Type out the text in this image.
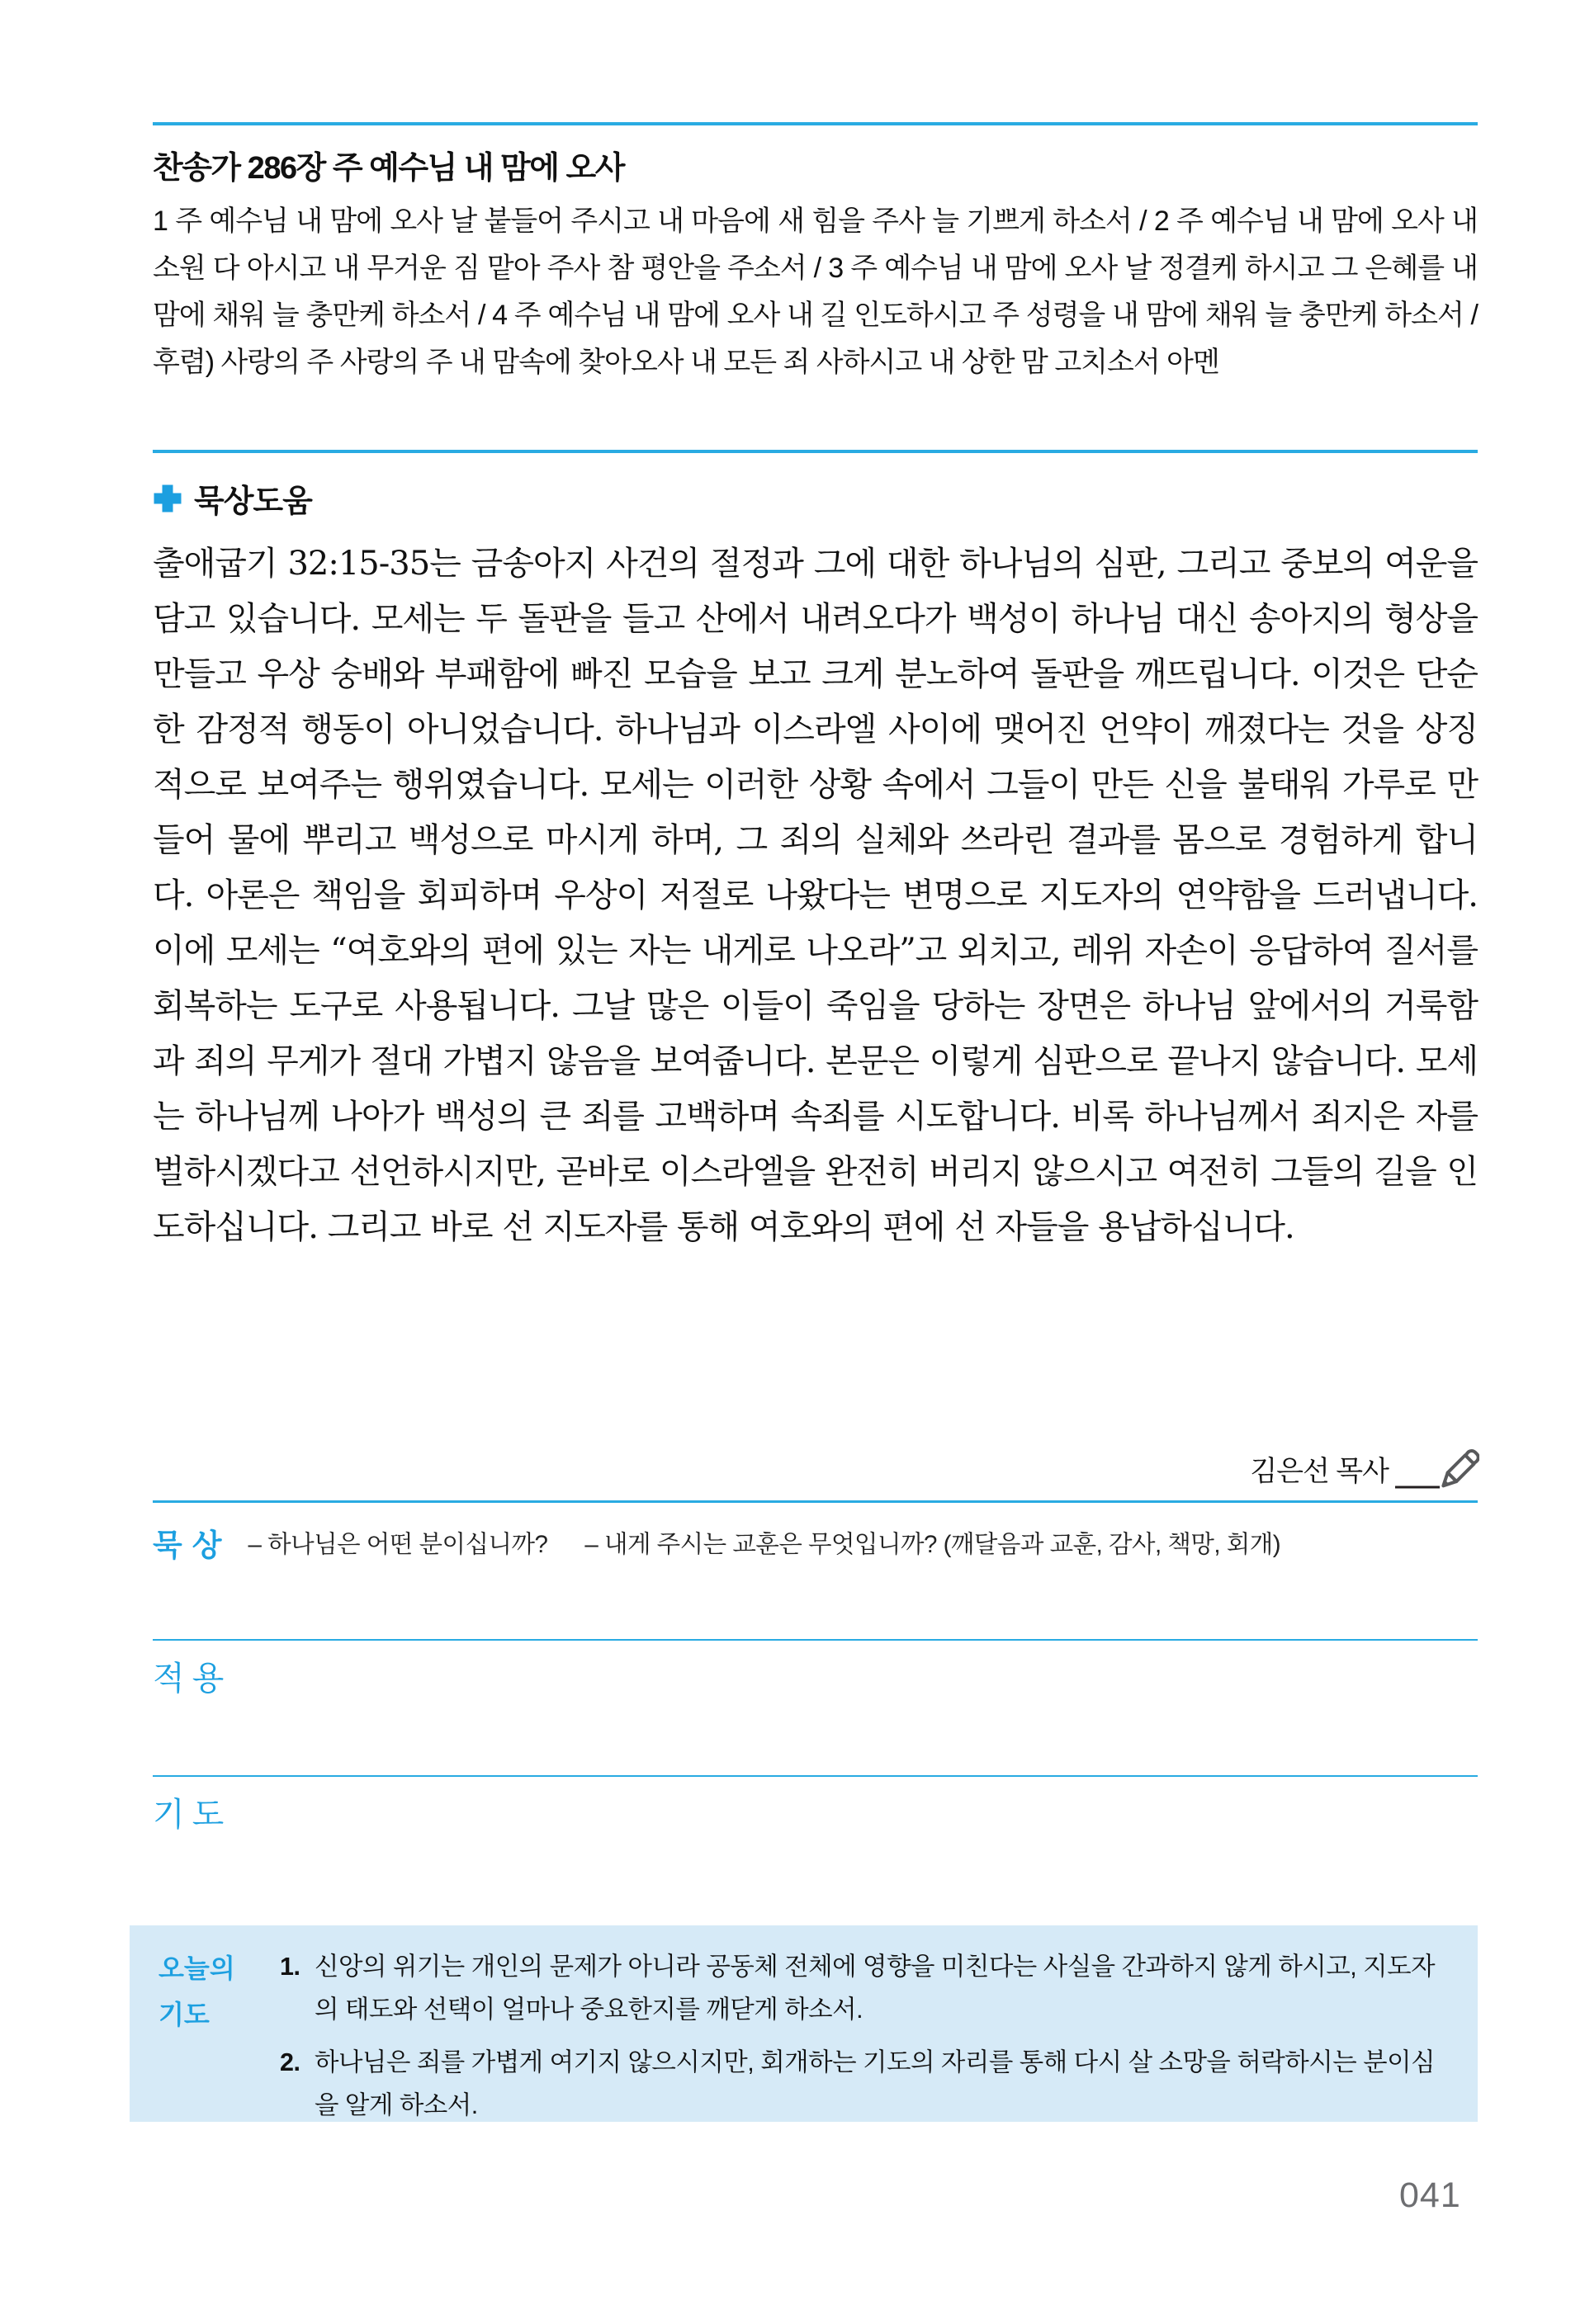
찬송가 286장 주 예수님 내 맘에 오사
1 주 예수님 내 맘에 오사 날 붙들어 주시고 내 마음에 새 힘을 주사 늘 기쁘게 하소서 / 2 주 예수님 내 맘에 오사 내 소원 다 아시고 내 무거운 짐 맡아 주사 참 평안을 주소서 / 3 주 예수님 내 맘에 오사 날 정결케 하시고 그 은혜를 내 맘에 채워 늘 충만케 하소서 / 4 주 예수님 내 맘에 오사 내 길 인도하시고 주 성령을 내 맘에 채워 늘 충만케 하소서 / 후렴) 사랑의 주 사랑의 주 내 맘속에 찾아오사 내 모든 죄 사하시고 내 상한 맘 고치소서 아멘
묵상도움
출애굽기 32:15-35는 금송아지 사건의 절정과 그에 대한 하나님의 심판, 그리고 중보의 여운을 담고 있습니다. 모세는 두 돌판을 들고 산에서 내려오다가 백성이 하나님 대신 송아지의 형상을 만들고 우상 숭배와 부패함에 빠진 모습을 보고 크게 분노하여 돌판을 깨뜨립니다. 이것은 단순한 감정적 행동이 아니었습니다. 하나님과 이스라엘 사이에 맺어진 언약이 깨졌다는 것을 상징적으로 보여주는 행위였습니다. 모세는 이러한 상황 속에서 그들이 만든 신을 불태워 가루로 만들어 물에 뿌리고 백성으로 마시게 하며, 그 죄의 실체와 쓰라린 결과를 몸으로 경험하게 합니다. 아론은 책임을 회피하며 우상이 저절로 나왔다는 변명으로 지도자의 연약함을 드러냅니다. 이에 모세는 “여호와의 편에 있는 자는 내게로 나오라”고 외치고, 레위 자손이 응답하여 질서를 회복하는 도구로 사용됩니다. 그날 많은 이들이 죽임을 당하는 장면은 하나님 앞에서의 거룩함과 죄의 무게가 절대 가볍지 않음을 보여줍니다. 본문은 이렇게 심판으로 끝나지 않습니다. 모세는 하나님께 나아가 백성의 큰 죄를 고백하며 속죄를 시도합니다. 비록 하나님께서 죄지은 자를 벌하시겠다고 선언하시지만, 곧바로 이스라엘을 완전히 버리지 않으시고 여전히 그들의 길을 인도하십니다. 그리고 바로 선 지도자를 통해 여호와의 편에 선 자들을 용납하십니다.
김은선 목사
묵상 – 하나님은 어떤 분이십니까? – 내게 주시는 교훈은 무엇입니까? (깨달음과 교훈, 감사, 책망, 회개)
적용
기도
오늘의
기도
1. 신앙의 위기는 개인의 문제가 아니라 공동체 전체에 영향을 미친다는 사실을 간과하지 않게 하시고, 지도자의 태도와 선택이 얼마나 중요한지를 깨닫게 하소서.
2. 하나님은 죄를 가볍게 여기지 않으시지만, 회개하는 기도의 자리를 통해 다시 살 소망을 허락하시는 분이심을 알게 하소서.
041
